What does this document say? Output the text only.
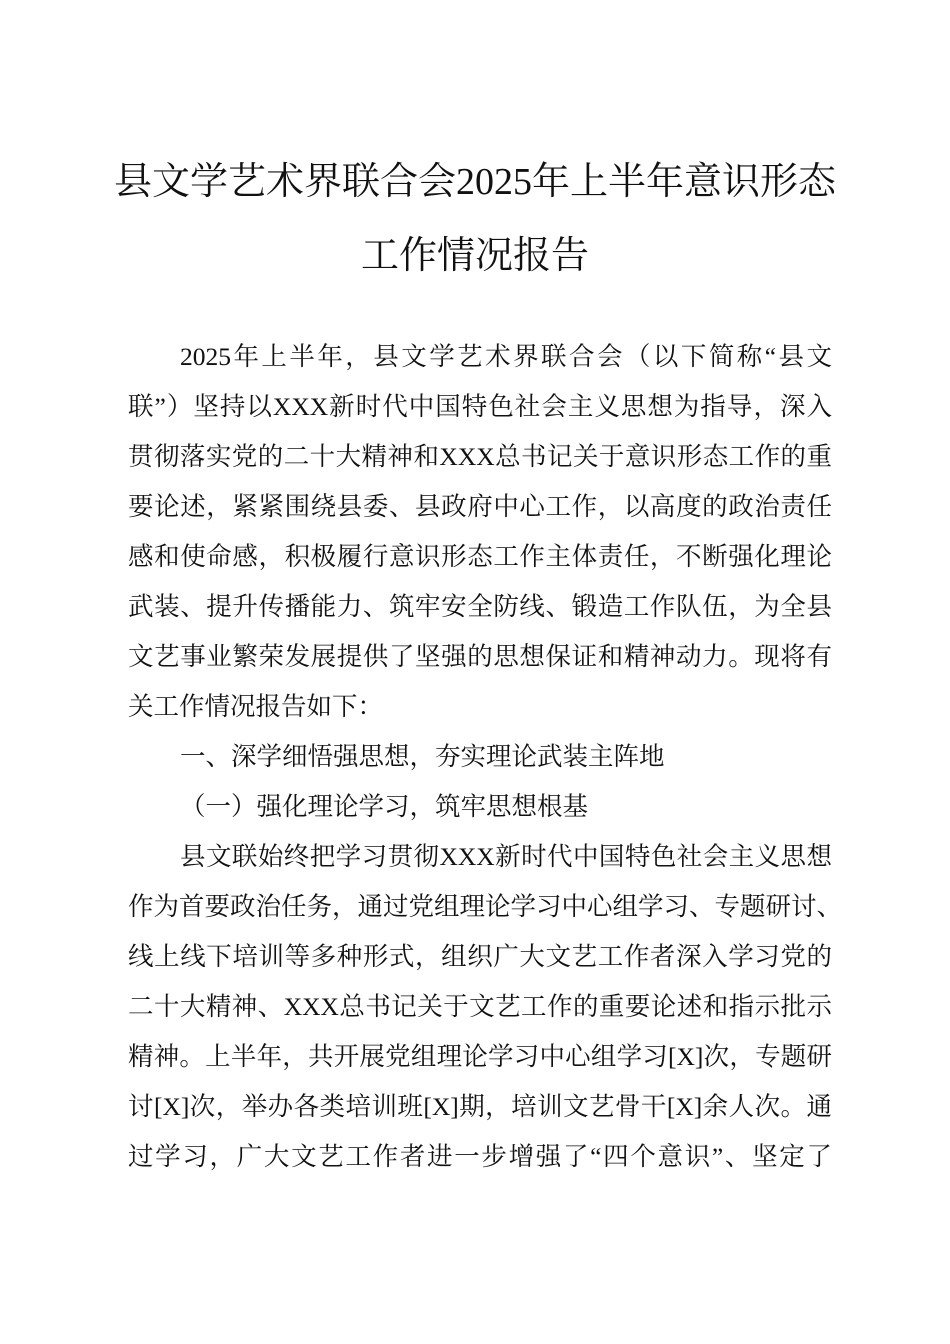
县文学艺术界联合会2025年上半年意识形态
工作情况报告
2025年上半年，县文学艺术界联合会（以下简称“县文
联”）坚持以XXX新时代中国特色社会主义思想为指导，深入
贯彻落实党的二十大精神和XXX总书记关于意识形态工作的重
要论述，紧紧围绕县委、县政府中心工作，以高度的政治责任
感和使命感，积极履行意识形态工作主体责任，不断强化理论
武装、提升传播能力、筑牢安全防线、锻造工作队伍，为全县
文艺事业繁荣发展提供了坚强的思想保证和精神动力。现将有
关工作情况报告如下：
一、深学细悟强思想，夯实理论武装主阵地
（一）强化理论学习，筑牢思想根基
县文联始终把学习贯彻XXX新时代中国特色社会主义思想
作为首要政治任务，通过党组理论学习中心组学习、专题研讨、
线上线下培训等多种形式，组织广大文艺工作者深入学习党的
二十大精神、XXX总书记关于文艺工作的重要论述和指示批示
精神。上半年，共开展党组理论学习中心组学习[X]次，专题研
讨[X]次，举办各类培训班[X]期，培训文艺骨干[X]余人次。通
过学习，广大文艺工作者进一步增强了“四个意识”、坚定了
